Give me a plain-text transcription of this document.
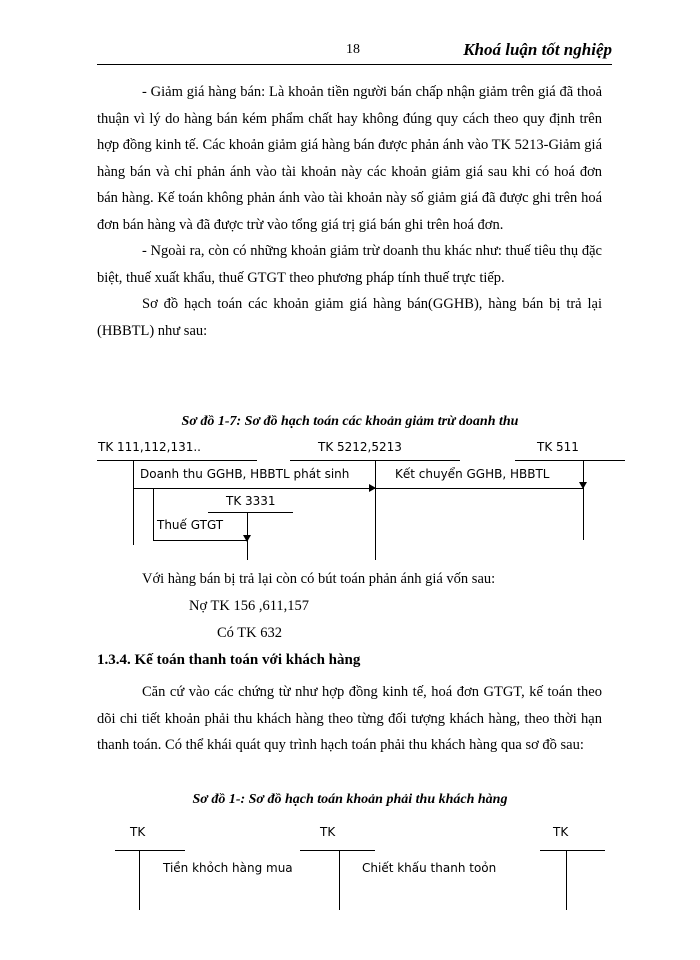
18	Khoá luận tốt nghiệp

- Giảm giá hàng bán: Là khoản tiền người bán chấp nhận giảm trên giá đã thoả thuận vì lý do hàng bán kém phẩm chất hay không đúng quy cách theo quy định trên hợp đồng kinh tế. Các khoản giảm giá hàng bán được phản ánh vào TK 5213-Giảm giá hàng bán và chỉ phản ánh vào tài khoản này các khoản giảm giá sau khi có hoá đơn bán hàng. Kế toán không phản ánh vào tài khoản này số giảm giá đã được ghi trên hoá đơn bán hàng và đã được trừ vào tổng giá trị giá bán ghi trên hoá đơn.

- Ngoài ra, còn có những khoản giảm trừ doanh thu khác như: thuế tiêu thụ đặc biệt, thuế xuất khẩu, thuế GTGT theo phương pháp tính thuế trực tiếp.

Sơ đồ hạch toán các khoản giảm giá hàng bán(GGHB), hàng bán bị trả lại (HBBTL) như sau:

Sơ đồ 1-7: Sơ đồ hạch toán các khoản giảm trừ doanh thu
TK 111,112,131..	TK 5212,5213	TK 511
Doanh thu GGHB, HBBTL phát sinh	Kết chuyển GGHB, HBBTL
TK 3331
Thuế GTGT
Với hàng bán bị trả lại còn có bút toán phản ánh giá vốn sau:
Nợ TK 156 ,611,157
Có TK 632
1.3.4. Kế toán thanh toán với khách hàng

Căn cứ vào các chứng từ như hợp đồng kinh tế, hoá đơn GTGT, kế toán theo dõi chi tiết khoản phải thu khách hàng theo từng đối tượng khách hàng, theo thời hạn thanh toán. Có thể khái quát quy trình hạch toán phải thu khách hàng qua sơ đồ sau:

Sơ đồ 1-: Sơ đồ hạch toán khoản phải thu khách hàng
TK	TK	TK
Tiền khỏch hàng mua	Chiết khấu thanh toỏn
